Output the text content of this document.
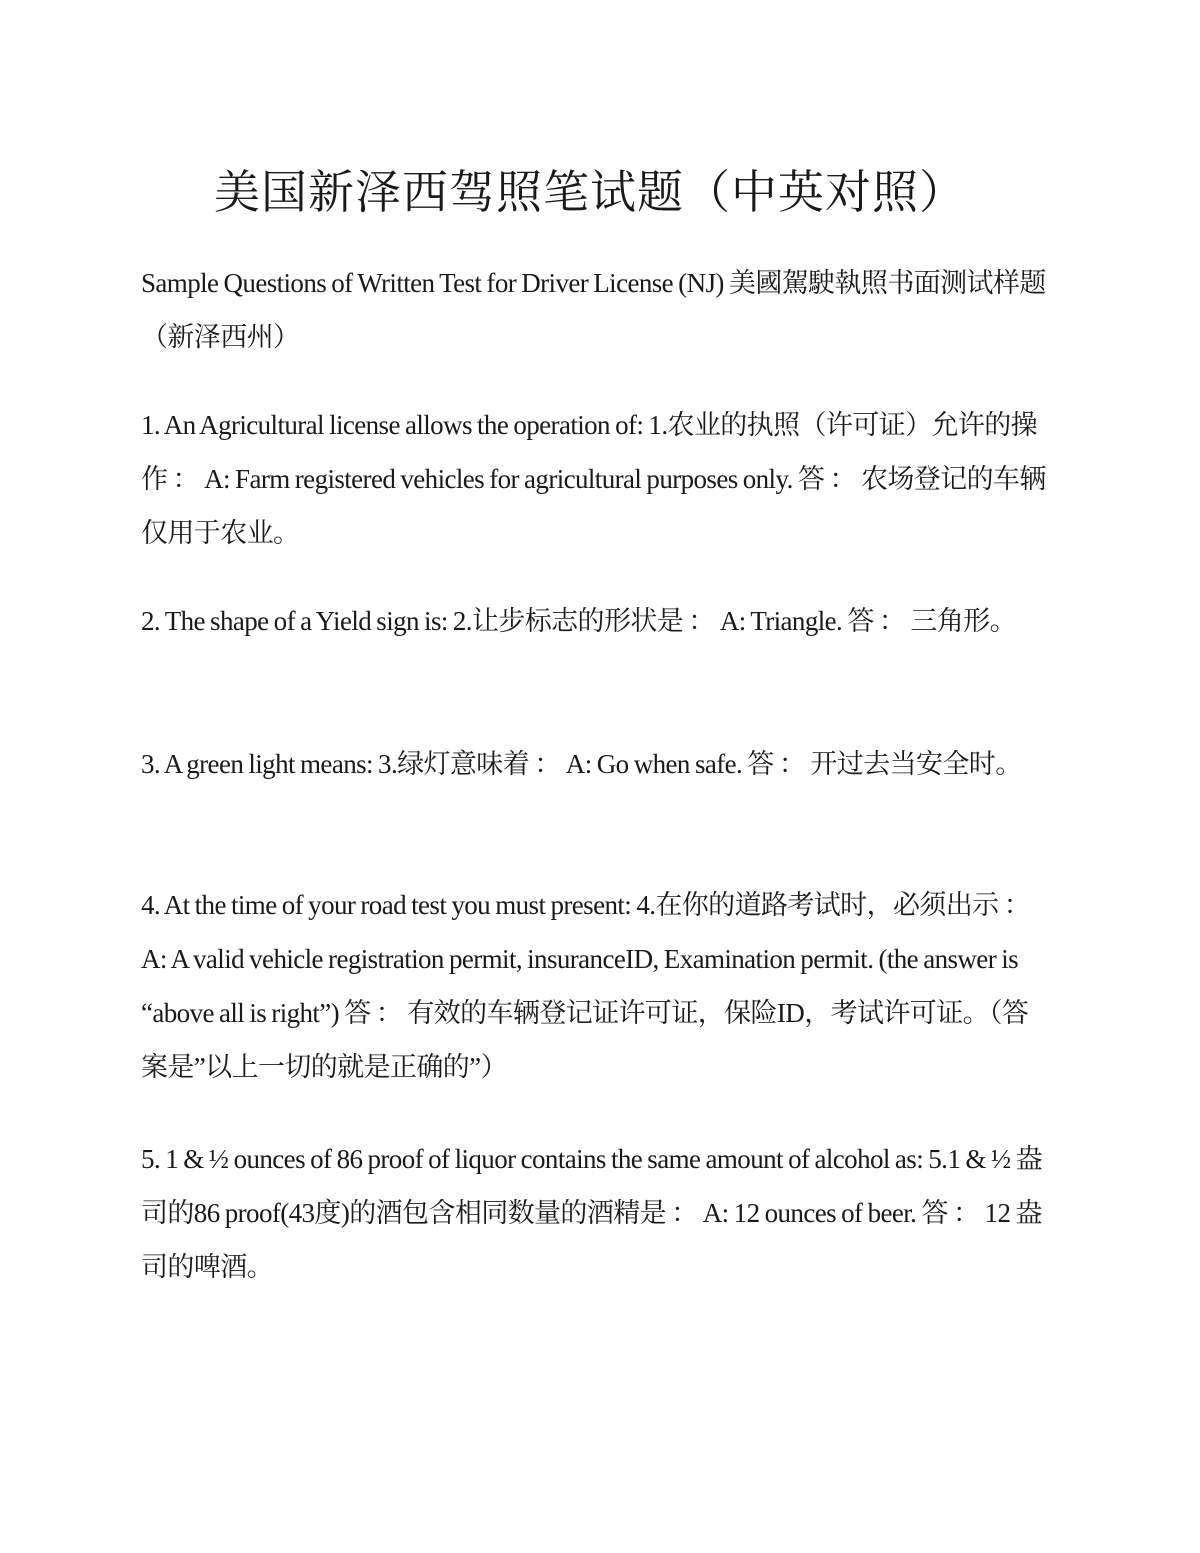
美国新泽西驾照笔试题（中英对照）

Sample Questions of Written Test for Driver License (NJ) 美國駕駛執照书面测试样题 （新泽西州）

1. An Agricultural license allows the operation of: 1.农业的执照（许可证）允许的操作 ： A: Farm registered vehicles for agricultural purposes only. 答 ： 农场登记的车辆仅用于农业。

2. The shape of a Yield sign is: 2.让步标志的形状是 ： A: Triangle. 答 ： 三角形。

3. A green light means: 3.绿灯意味着 ： A: Go when safe. 答 ： 开过去当安全时。

4. At the time of your road test you must present: 4.在你的道路考试时，必须出示 ： A: A valid vehicle registration permit, insuranceID, Examination permit. (the answer is “above all is right”) 答 ： 有效的车辆登记证许可证，保险ID，考试许可证。（答案是”以上一切的就是正确的”）

5. 1 & ½ ounces of 86 proof of liquor contains the same amount of alcohol as: 5.1 & ½ 盎司的86 proof(43度)的酒包含相同数量的酒精是 ： A: 12 ounces of beer. 答 ： 12 盎司的啤酒。
